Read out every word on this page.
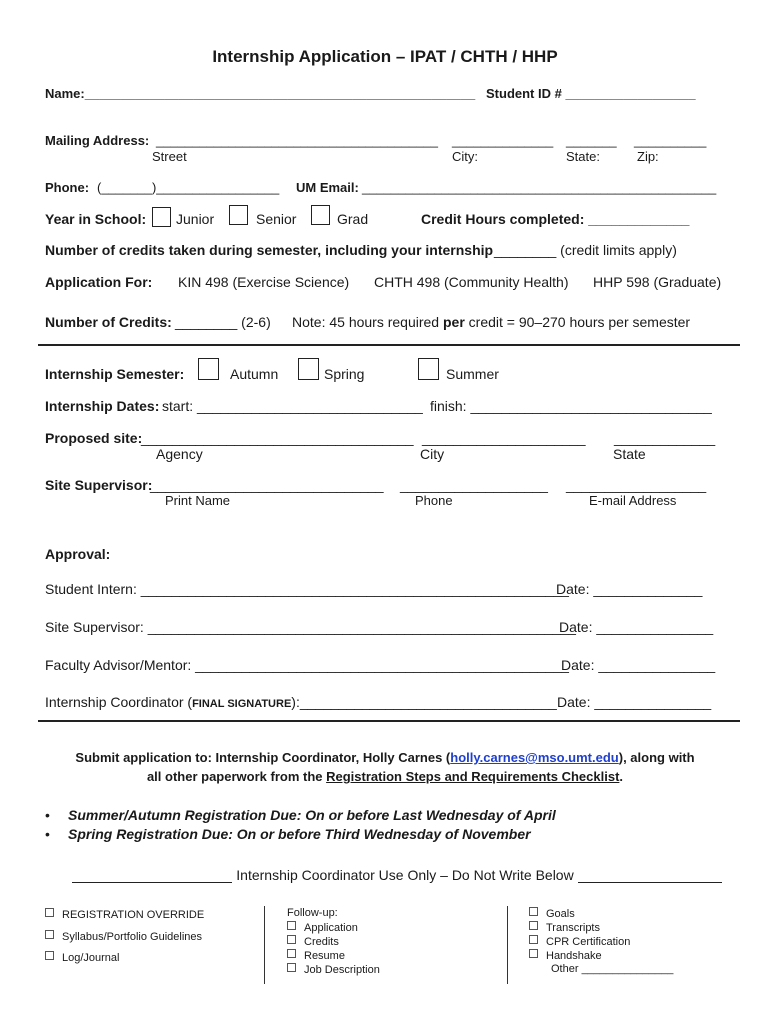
Internship Application – IPAT / CHTH / HHP
Name:______________________________________________________ Student ID # __________________
Mailing Address: _______________________________________ ______________ _______ __________
Street	City:	State:	Zip:
Phone: (_______)_________________ UM Email: _________________________________________________
Year in School: Junior	Senior	Grad	Credit Hours completed: _____________
Number of credits taken during semester, including your internship ________ (credit limits apply)
Application For: KIN 498 (Exercise Science) CHTH 498 (Community Health) HHP 598 (Graduate)
Number of Credits: ________ (2-6) Note: 45 hours required per credit = 90–270 hours per semester
Internship Semester:	Autumn	Spring	Summer
Internship Dates: start: _____________________________ finish: _______________________________
Proposed site:
___________________________________ _____________________ _____________
Agency	City	State
Site Supervisor:
______________________________ ___________________ __________________
Print Name	Phone	E-mail Address
Approval:
Student Intern: _______________________________________________________
Date: ______________
Site Supervisor: _______________________________________________________
Date: _______________
Faculty Advisor/Mentor: ________________________________________________
Date: _______________
Internship Coordinator (FINAL SIGNATURE):_________________________________ Date: _______________
Submit application to: Internship Coordinator, Holly Carnes (holly.carnes@mso.umt.edu), along with
all other paperwork from the Registration Steps and Requirements Checklist.
• Summer/Autumn Registration Due: On or before Last Wednesday of April
• Spring Registration Due: On or before Third Wednesday of November
Internship Coordinator Use Only – Do Not Write Below
REGISTRATION OVERRIDE
Syllabus/Portfolio Guidelines
Log/Journal
Follow-up:
Application
Credits
Resume
Job Description
Goals
Transcripts
CPR Certification
Handshake
Other _______________
